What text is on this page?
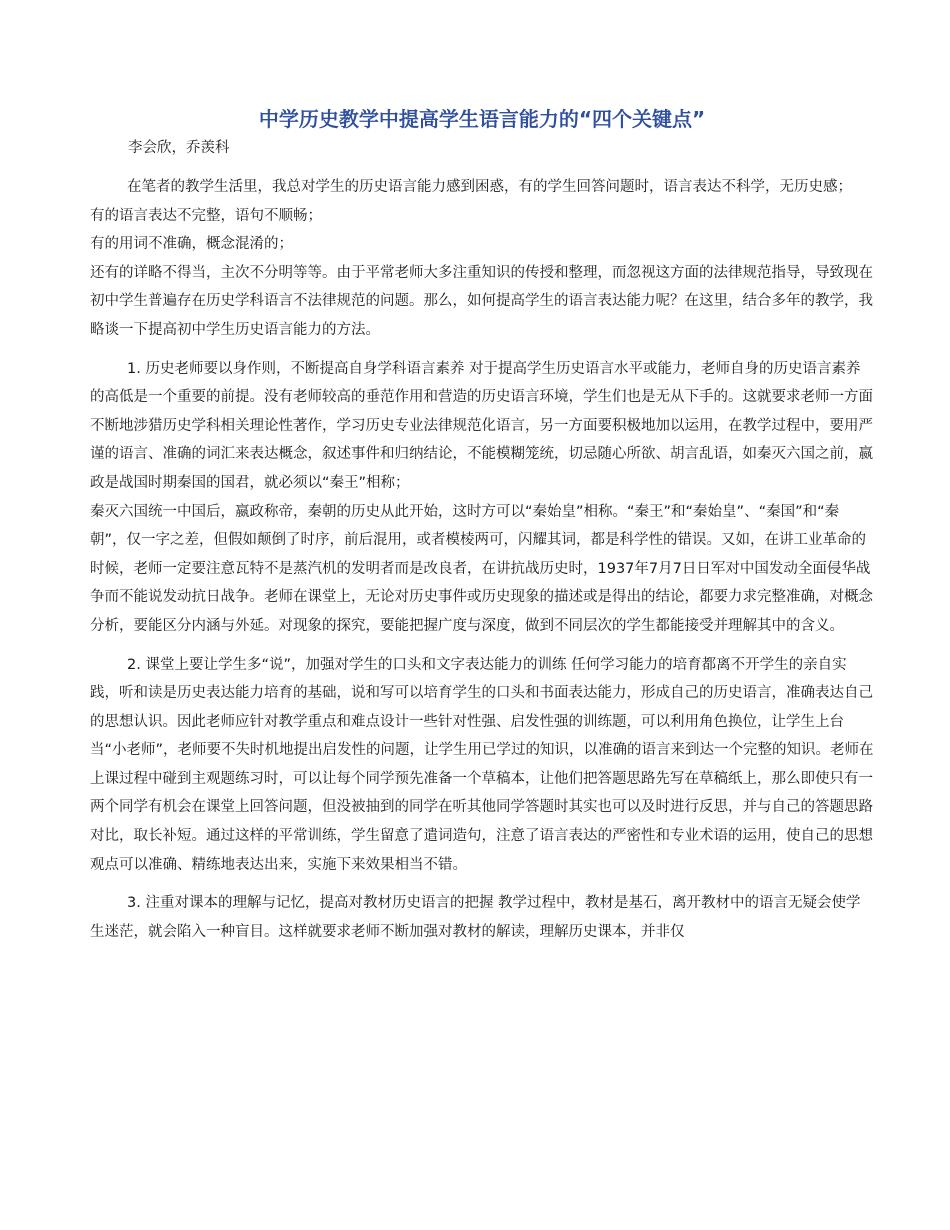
中学历史教学中提高学生语言能力的“四个关键点”

李会欣，乔羡科

在笔者的教学生活里，我总对学生的历史语言能力感到困惑，有的学生回答问题时，语言表达不科学，无历史感；

有的语言表达不完整，语句不顺畅；

有的用词不准确，概念混淆的；

还有的详略不得当，主次不分明等等。由于平常老师大多注重知识的传授和整理，而忽视这方面的法律规范指导，导致现在初中学生普遍存在历史学科语言不法律规范的问题。那么，如何提高学生的语言表达能力呢？在这里，结合多年的教学，我略谈一下提高初中学生历史语言能力的方法。

1. 历史老师要以身作则，不断提高自身学科语言素养 对于提高学生历史语言水平或能力，老师自身的历史语言素养的高低是一个重要的前提。没有老师较高的垂范作用和营造的历史语言环境，学生们也是无从下手的。这就要求老师一方面不断地涉猎历史学科相关理论性著作，学习历史专业法律规范化语言，另一方面要积极地加以运用，在教学过程中，要用严谨的语言、准确的词汇来表达概念，叙述事件和归纳结论，不能模糊笼统，切忌随心所欲、胡言乱语，如秦灭六国之前，嬴政是战国时期秦国的国君，就必须以“秦王”相称；

秦灭六国统一中国后，嬴政称帝，秦朝的历史从此开始，这时方可以“秦始皇”相称。“秦王”和“秦始皇”、“秦国”和“秦朝”，仅一字之差，但假如颠倒了时序，前后混用，或者模棱两可，闪耀其词，都是科学性的错误。又如，在讲工业革命的时候，老师一定要注意瓦特不是蒸汽机的发明者而是改良者，在讲抗战历史时，1937年7月7日日军对中国发动全面侵华战争而不能说发动抗日战争。老师在课堂上，无论对历史事件或历史现象的描述或是得出的结论，都要力求完整准确，对概念分析，要能区分内涵与外延。对现象的探究，要能把握广度与深度，做到不同层次的学生都能接受并理解其中的含义。

2. 课堂上要让学生多“说”，加强对学生的口头和文字表达能力的训练 任何学习能力的培育都离不开学生的亲自实践，听和读是历史表达能力培育的基础，说和写可以培育学生的口头和书面表达能力，形成自己的历史语言，准确表达自己的思想认识。因此老师应针对教学重点和难点设计一些针对性强、启发性强的训练题，可以利用角色换位，让学生上台当“小老师”，老师要不失时机地提出启发性的问题，让学生用已学过的知识，以准确的语言来到达一个完整的知识。老师在上课过程中碰到主观题练习时，可以让每个同学预先准备一个草稿本，让他们把答题思路先写在草稿纸上，那么即使只有一两个同学有机会在课堂上回答问题，但没被抽到的同学在听其他同学答题时其实也可以及时进行反思，并与自己的答题思路对比，取长补短。通过这样的平常训练，学生留意了遣词造句，注意了语言表达的严密性和专业术语的运用，使自己的思想观点可以准确、精练地表达出来，实施下来效果相当不错。

3. 注重对课本的理解与记忆，提高对教材历史语言的把握 教学过程中，教材是基石，离开教材中的语言无疑会使学生迷茫，就会陷入一种盲目。这样就要求老师不断加强对教材的解读，理解历史课本，并非仅
